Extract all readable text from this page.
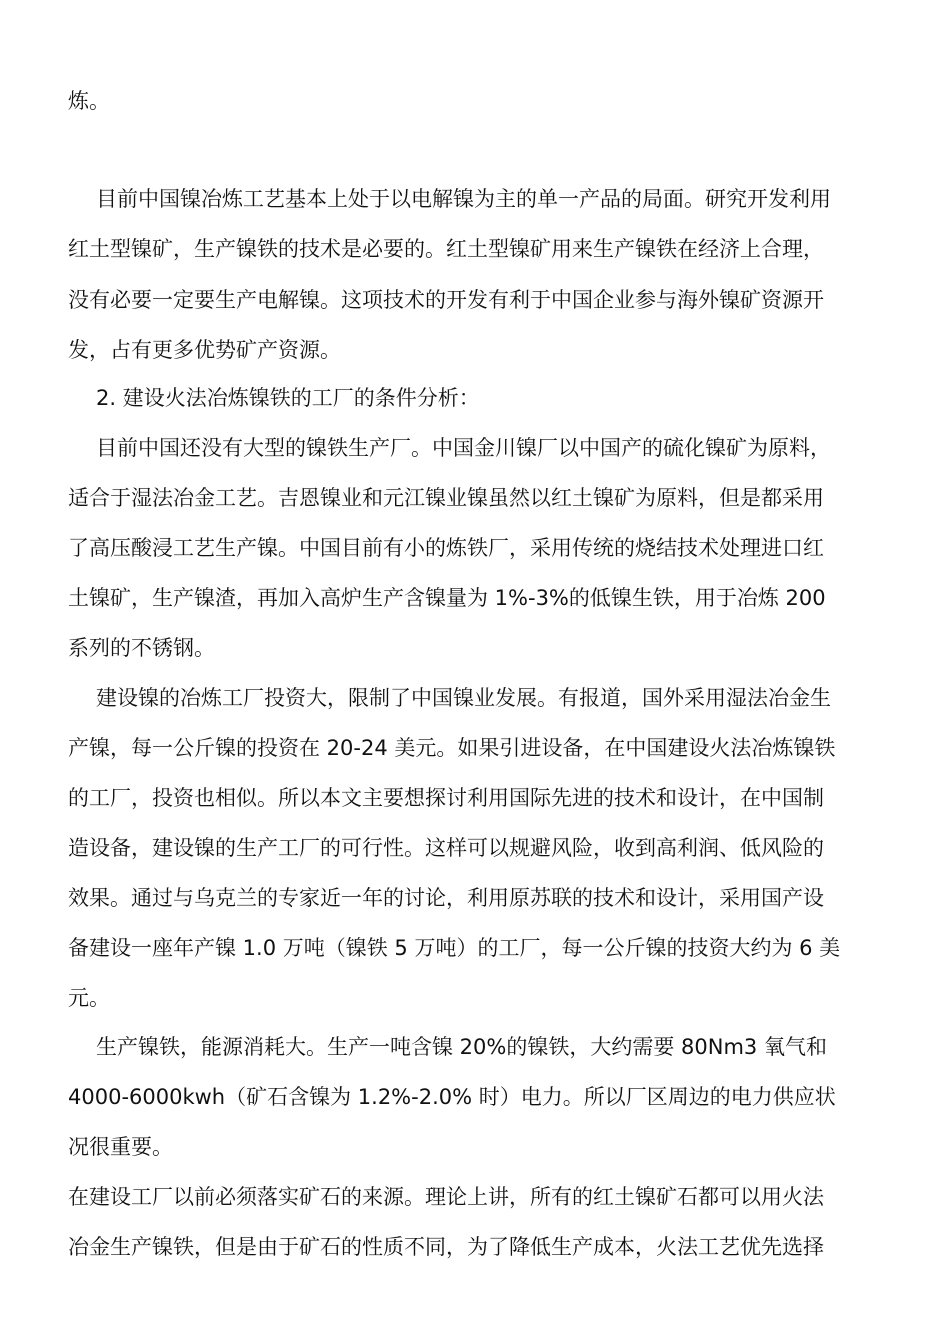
炼。

目前中国镍冶炼工艺基本上处于以电解镍为主的单一产品的局面。研究开发利用

红土型镍矿，生产镍铁的技术是必要的。红土型镍矿用来生产镍铁在经济上合理，

没有必要一定要生产电解镍。这项技术的开发有利于中国企业参与海外镍矿资源开

发，占有更多优势矿产资源。

2. 建设火法冶炼镍铁的工厂的条件分析：

目前中国还没有大型的镍铁生产厂。中国金川镍厂以中国产的硫化镍矿为原料，

适合于湿法冶金工艺。吉恩镍业和元江镍业镍虽然以红土镍矿为原料，但是都采用

了高压酸浸工艺生产镍。中国目前有小的炼铁厂，采用传统的烧结技术处理进口红

土镍矿，生产镍渣，再加入高炉生产含镍量为 1%-3%的低镍生铁，用于冶炼 200

系列的不锈钢。

建设镍的冶炼工厂投资大，限制了中国镍业发展。有报道，国外采用湿法冶金生

产镍，每一公斤镍的投资在 20-24 美元。如果引进设备，在中国建设火法冶炼镍铁

的工厂，投资也相似。所以本文主要想探讨利用国际先进的技术和设计，在中国制

造设备，建设镍的生产工厂的可行性。这样可以规避风险，收到高利润、低风险的

效果。通过与乌克兰的专家近一年的讨论，利用原苏联的技术和设计，采用国产设

备建设一座年产镍 1.0 万吨（镍铁 5 万吨）的工厂，每一公斤镍的技资大约为 6 美

元。

生产镍铁，能源消耗大。生产一吨含镍 20%的镍铁，大约需要 80Nm3 氧气和

4000-6000kwh（矿石含镍为 1.2%-2.0% 时）电力。所以厂区周边的电力供应状

况很重要。

在建设工厂以前必须落实矿石的来源。理论上讲，所有的红土镍矿石都可以用火法

冶金生产镍铁，但是由于矿石的性质不同，为了降低生产成本，火法工艺优先选择
